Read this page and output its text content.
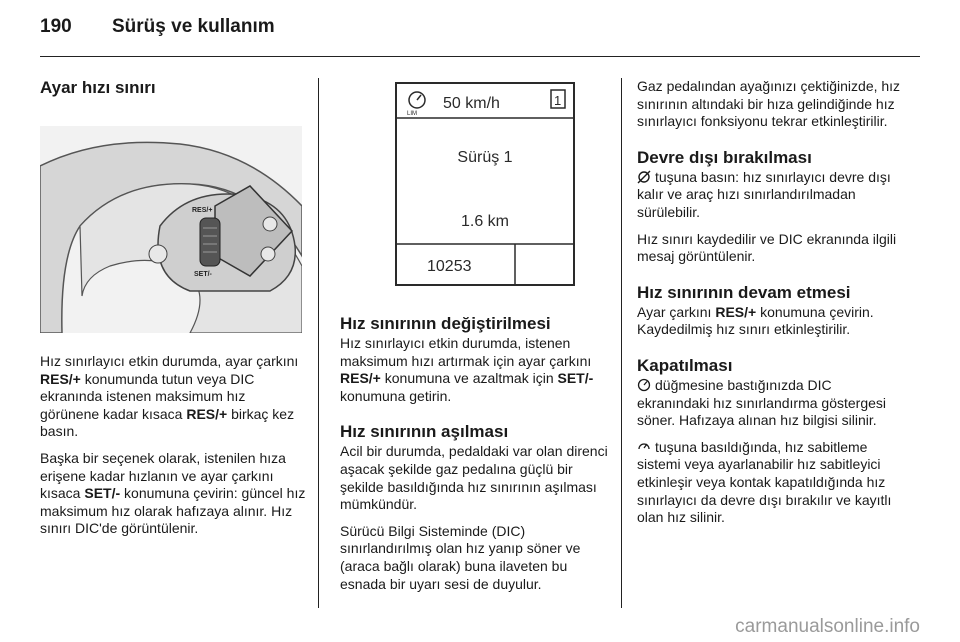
190 Sürüş ve kullanım
Ayar hızı sınırı
RES/+
SET/-

Hız sınırlayıcı etkin durumda, ayar çarkını RES/+ konumunda tutun veya DIC ekranında istenen maksimum hız görünene kadar kısaca RES/+ birkaç kez basın.

Başka bir seçenek olarak, istenilen hıza erişene kadar hızlanın ve ayar çarkını kısaca SET/- konumuna çevirin: güncel hız maksimum hız olarak hafızaya alınır. Hız sınırı DIC'de görüntülenir.

LIM
50 km/h	1
Sürüş 1
1.6 km
10253
Hız sınırının değiştirilmesi

Hız sınırlayıcı etkin durumda, istenen maksimum hızı artırmak için ayar çarkını RES/+ konumuna ve azaltmak için SET/- konumuna getirin.

Hız sınırının aşılması

Acil bir durumda, pedaldaki var olan direnci aşacak şekilde gaz pedalına güçlü bir şekilde basıldığında hız sınırının aşılması mümkündür.

Sürücü Bilgi Sisteminde (DIC) sınırlandırılmış olan hız yanıp söner ve (araca bağlı olarak) buna ilaveten bu esnada bir uyarı sesi de duyulur.

Gaz pedalından ayağınızı çektiğinizde, hız sınırının altındaki bir hıza gelindiğinde hız sınırlayıcı fonksiyonu tekrar etkinleştirilir.

Devre dışı bırakılması

tuşuna basın: hız sınırlayıcı devre dışı kalır ve araç hızı sınırlandırılmadan sürülebilir.

Hız sınırı kaydedilir ve DIC ekranında ilgili mesaj görüntülenir.

Hız sınırının devam etmesi

Ayar çarkını RES/+ konumuna çevirin. Kaydedilmiş hız sınırı etkinleştirilir.

Kapatılması

düğmesine bastığınızda DIC ekranındaki hız sınırlandırma göstergesi söner. Hafızaya alınan hız bilgisi silinir.

tuşuna basıldığında, hız sabitleme sistemi veya ayarlanabilir hız sabitleyici etkinleşir veya kontak kapatıldığında hız sınırlayıcı da devre dışı bırakılır ve kayıtlı olan hız silinir.

carmanualsonline.info
